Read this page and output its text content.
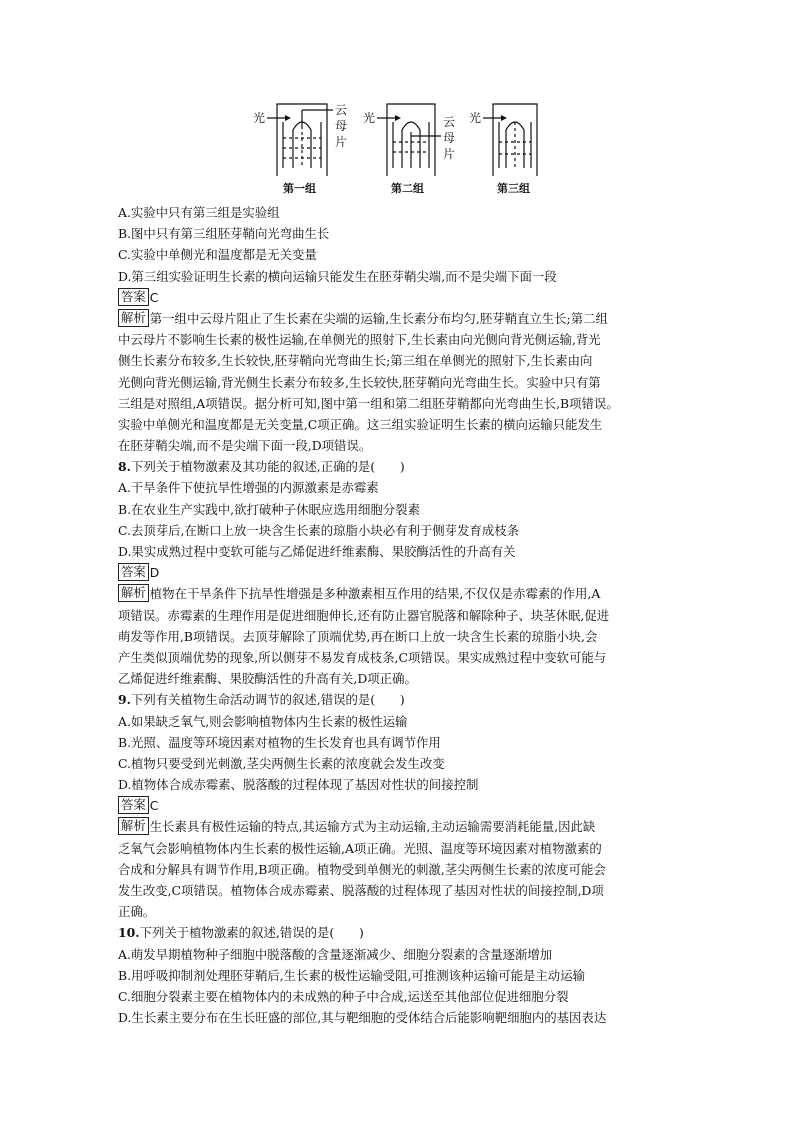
光	光	光
云
母
片
云
母
片
第一组	第二组	第三组
A.实验中只有第三组是实验组
B.图中只有第三组胚芽鞘向光弯曲生长
C.实验中单侧光和温度都是无关变量
D.第三组实验证明生长素的横向运输只能发生在胚芽鞘尖端,而不是尖端下面一段
答案 C
解析 第一组中云母片阻止了生长素在尖端的运输,生长素分布均匀,胚芽鞘直立生长;第二组
中云母片不影响生长素的极性运输,在单侧光的照射下,生长素由向光侧向背光侧运输,背光
侧生长素分布较多,生长较快,胚芽鞘向光弯曲生长;第三组在单侧光的照射下,生长素由向
光侧向背光侧运输,背光侧生长素分布较多,生长较快,胚芽鞘向光弯曲生长。实验中只有第
三组是对照组,A项错误。据分析可知,图中第一组和第二组胚芽鞘都向光弯曲生长,B项错误。
实验中单侧光和温度都是无关变量,C项正确。这三组实验证明生长素的横向运输只能发生
在胚芽鞘尖端,而不是尖端下面一段,D项错误。
8.下列关于植物激素及其功能的叙述,正确的是(　　)
A.干旱条件下使抗旱性增强的内源激素是赤霉素
B.在农业生产实践中,欲打破种子休眠应选用细胞分裂素
C.去顶芽后,在断口上放一块含生长素的琼脂小块必有利于侧芽发育成枝条
D.果实成熟过程中变软可能与乙烯促进纤维素酶、果胶酶活性的升高有关
答案 D
解析 植物在干旱条件下抗旱性增强是多种激素相互作用的结果,不仅仅是赤霉素的作用,A
项错误。赤霉素的生理作用是促进细胞伸长,还有防止器官脱落和解除种子、块茎休眠,促进
萌发等作用,B项错误。去顶芽解除了顶端优势,再在断口上放一块含生长素的琼脂小块,会
产生类似顶端优势的现象,所以侧芽不易发育成枝条,C项错误。果实成熟过程中变软可能与
乙烯促进纤维素酶、果胶酶活性的升高有关,D项正确。
9.下列有关植物生命活动调节的叙述,错误的是(　　)
A.如果缺乏氧气,则会影响植物体内生长素的极性运输
B.光照、温度等环境因素对植物的生长发育也具有调节作用
C.植物只要受到光刺激,茎尖两侧生长素的浓度就会发生改变
D.植物体合成赤霉素、脱落酸的过程体现了基因对性状的间接控制
答案 C
解析 生长素具有极性运输的特点,其运输方式为主动运输,主动运输需要消耗能量,因此缺
乏氧气会影响植物体内生长素的极性运输,A项正确。光照、温度等环境因素对植物激素的
合成和分解具有调节作用,B项正确。植物受到单侧光的刺激,茎尖两侧生长素的浓度可能会
发生改变,C项错误。植物体合成赤霉素、脱落酸的过程体现了基因对性状的间接控制,D项
正确。
10.下列关于植物激素的叙述,错误的是(　　)
A.萌发早期植物种子细胞中脱落酸的含量逐渐减少、细胞分裂素的含量逐渐增加
B.用呼吸抑制剂处理胚芽鞘后,生长素的极性运输受阻,可推测该种运输可能是主动运输
C.细胞分裂素主要在植物体内的未成熟的种子中合成,运送至其他部位促进细胞分裂
D.生长素主要分布在生长旺盛的部位,其与靶细胞的受体结合后能影响靶细胞内的基因表达
